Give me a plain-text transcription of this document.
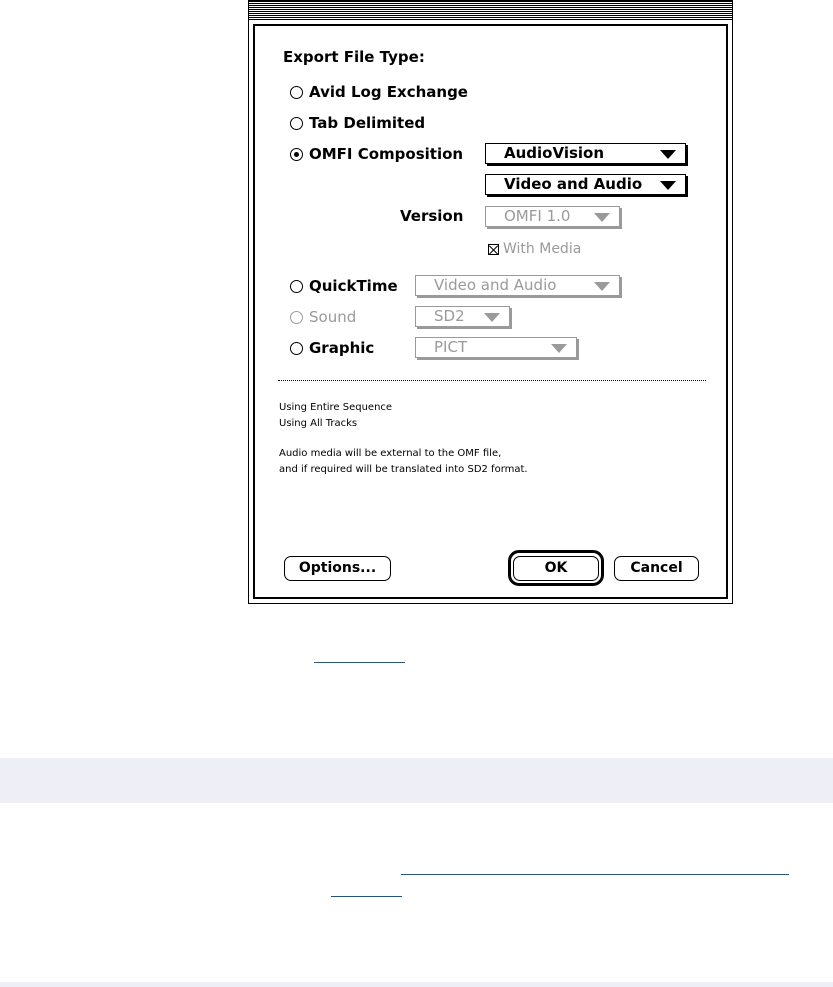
Export File Type:
Avid Log Exchange
Tab Delimited
OMFI Composition	AudioVision
Video and Audio
Version	OMFI 1.0
With Media
QuickTime	Video and Audio
Sound	SD2
Graphic	PICT
Using Entire Sequence
Using All Tracks
Audio media will be external to the OMF file,
and if required will be translated into SD2 format.
Options...	OK	Cancel
